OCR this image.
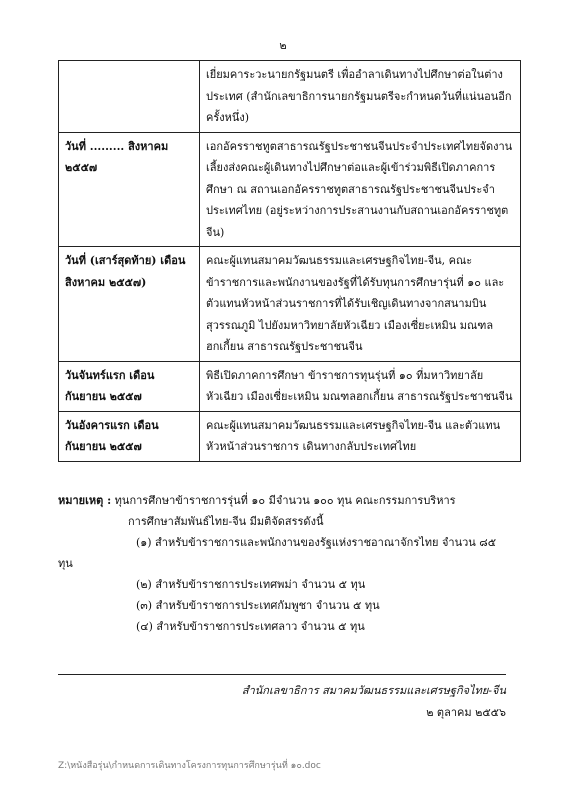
๒
	เยี่ยมคาระวะนายกรัฐมนตรี เพื่ออำลาเดินทางไปศึกษาต่อในต่างประเทศ (สำนักเลขาธิการนายกรัฐมนตรีจะกำหนดวันที่แน่นอนอีกครั้งหนึ่ง)
วันที่ ......... สิงหาคม ๒๕๕๗	เอกอัครราชทูตสาธารณรัฐประชาชนจีนประจำประเทศไทยจัดงานเลี้ยงส่งคณะผู้เดินทางไปศึกษาต่อและผู้เข้าร่วมพิธีเปิดภาคการศึกษา ณ สถานเอกอัครราชทูตสาธารณรัฐประชาชนจีนประจำประเทศไทย (อยู่ระหว่างการประสานงานกับสถานเอกอัครราชทูตจีน)
วันที่ (เสาร์สุดท้าย) เดือนสิงหาคม ๒๕๕๗)	คณะผู้แทนสมาคมวัฒนธรรมและเศรษฐกิจไทย-จีน, คณะข้าราชการและพนักงานของรัฐที่ได้รับทุนการศึกษารุ่นที่ ๑๐ และตัวแทนหัวหน้าส่วนราชการที่ได้รับเชิญเดินทางจากสนามบินสุวรรณภูมิ ไปยังมหาวิทยาลัยหัวเฉียว เมืองเซี่ยะเหมิน มณฑลฮกเกี้ยน สาธารณรัฐประชาชนจีน
วันจันทร์แรก เดือนกันยายน ๒๕๕๗	พิธีเปิดภาคการศึกษา ข้าราชการทุนรุ่นที่ ๑๐ ที่มหาวิทยาลัยหัวเฉียว เมืองเซี่ยะเหมิน มณฑลฮกเกี้ยน สาธารณรัฐประชาชนจีน
วันอังคารแรก เดือนกันยายน ๒๕๕๗	คณะผู้แทนสมาคมวัฒนธรรมและเศรษฐกิจไทย-จีน และตัวแทนหัวหน้าส่วนราชการ เดินทางกลับประเทศไทย

หมายเหตุ : ทุนการศึกษาข้าราชการรุ่นที่ ๑๐ มีจำนวน ๑๐๐ ทุน คณะกรรมการบริหาร

การศึกษาสัมพันธ์ไทย-จีน มีมติจัดสรรดังนี้

(๑) สำหรับข้าราชการและพนักงานของรัฐแห่งราชอาณาจักรไทย จำนวน ๘๕

ทุน

(๒) สำหรับข้าราชการประเทศพม่า จำนวน ๕ ทุน

(๓) สำหรับข้าราชการประเทศกัมพูชา จำนวน ๕ ทุน

(๔) สำหรับข้าราชการประเทศลาว จำนวน ๕ ทุน

สำนักเลขาธิการ สมาคมวัฒนธรรมและเศรษฐกิจไทย-จีน
๒ ตุลาคม ๒๕๕๖
Z:\หนังสือรุ่น\กำหนดการเดินทางโครงการทุนการศึกษารุ่นที่ ๑๐.doc
